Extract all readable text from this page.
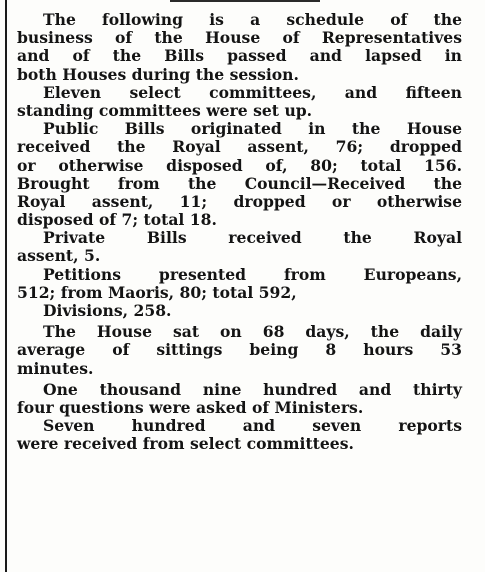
The following is a schedule of the
business of the House of Representatives
and of the Bills passed and lapsed in
both Houses during the session.
Eleven select committees, and fifteen
standing committees were set up.
Public Bills originated in the House
received the Royal assent, 76; dropped
or otherwise disposed of, 80; total 156.
Brought from the Council—Received the
Royal assent, 11; dropped or otherwise
disposed of 7; total 18.
Private Bills received the Royal
assent, 5.
Petitions presented from Europeans,
512; from Maoris, 80; total 592,
Divisions, 258.
The House sat on 68 days, the daily
average of sittings being 8 hours 53
minutes.
One thousand nine hundred and thirty
four questions were asked of Ministers.
Seven hundred and seven reports
were received from select committees.
